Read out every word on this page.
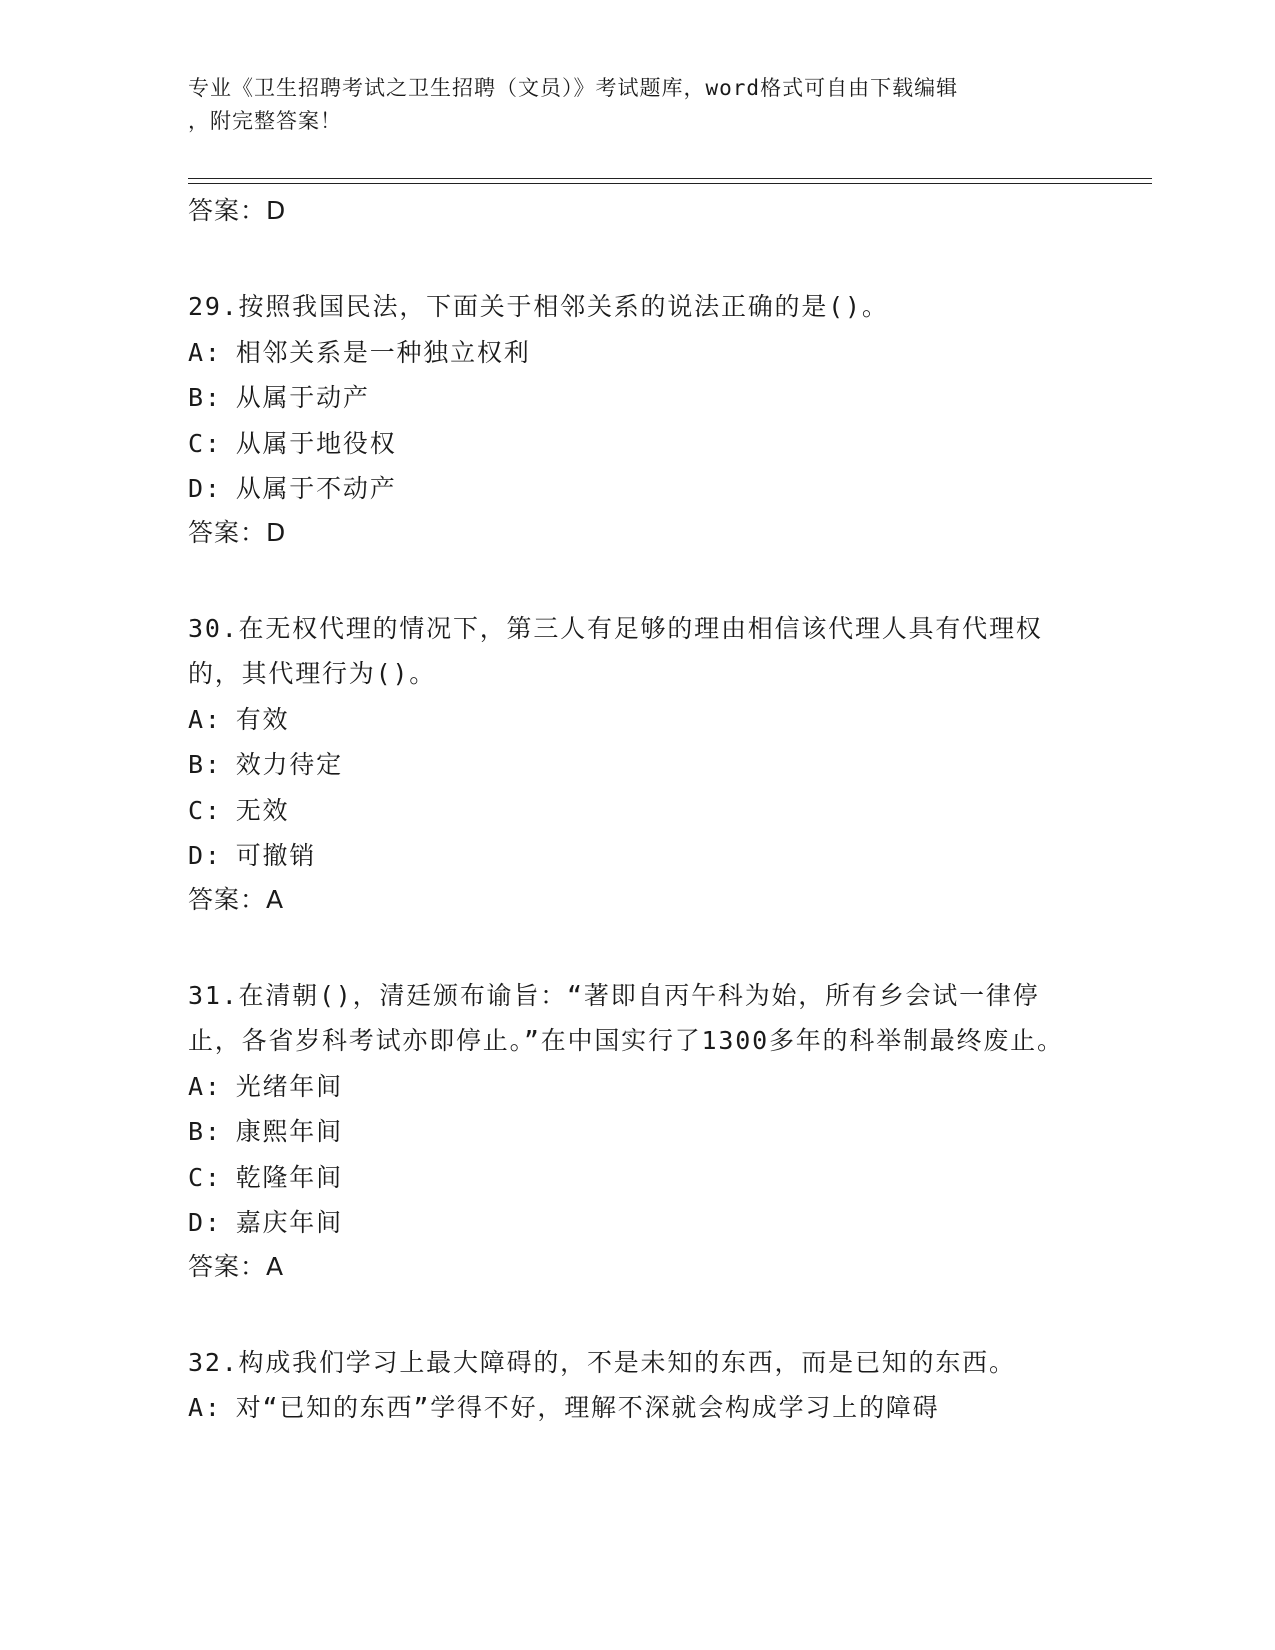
专业《卫生招聘考试之卫生招聘（文员）》考试题库，word格式可自由下载编辑
，附完整答案！
答案：D
29.按照我国民法，下面关于相邻关系的说法正确的是()。
A: 相邻关系是一种独立权利
B: 从属于动产
C: 从属于地役权
D: 从属于不动产
答案：D
30.在无权代理的情况下，第三人有足够的理由相信该代理人具有代理权的，其代理行为()。
A: 有效
B: 效力待定
C: 无效
D: 可撤销
答案：A
31.在清朝()，清廷颁布谕旨：“著即自丙午科为始，所有乡会试一律停止，各省岁科考试亦即停止。”在中国实行了1300多年的科举制最终废止。
A: 光绪年间
B: 康熙年间
C: 乾隆年间
D: 嘉庆年间
答案：A
32.构成我们学习上最大障碍的，不是未知的东西，而是已知的东西。
A: 对“已知的东西”学得不好，理解不深就会构成学习上的障碍
